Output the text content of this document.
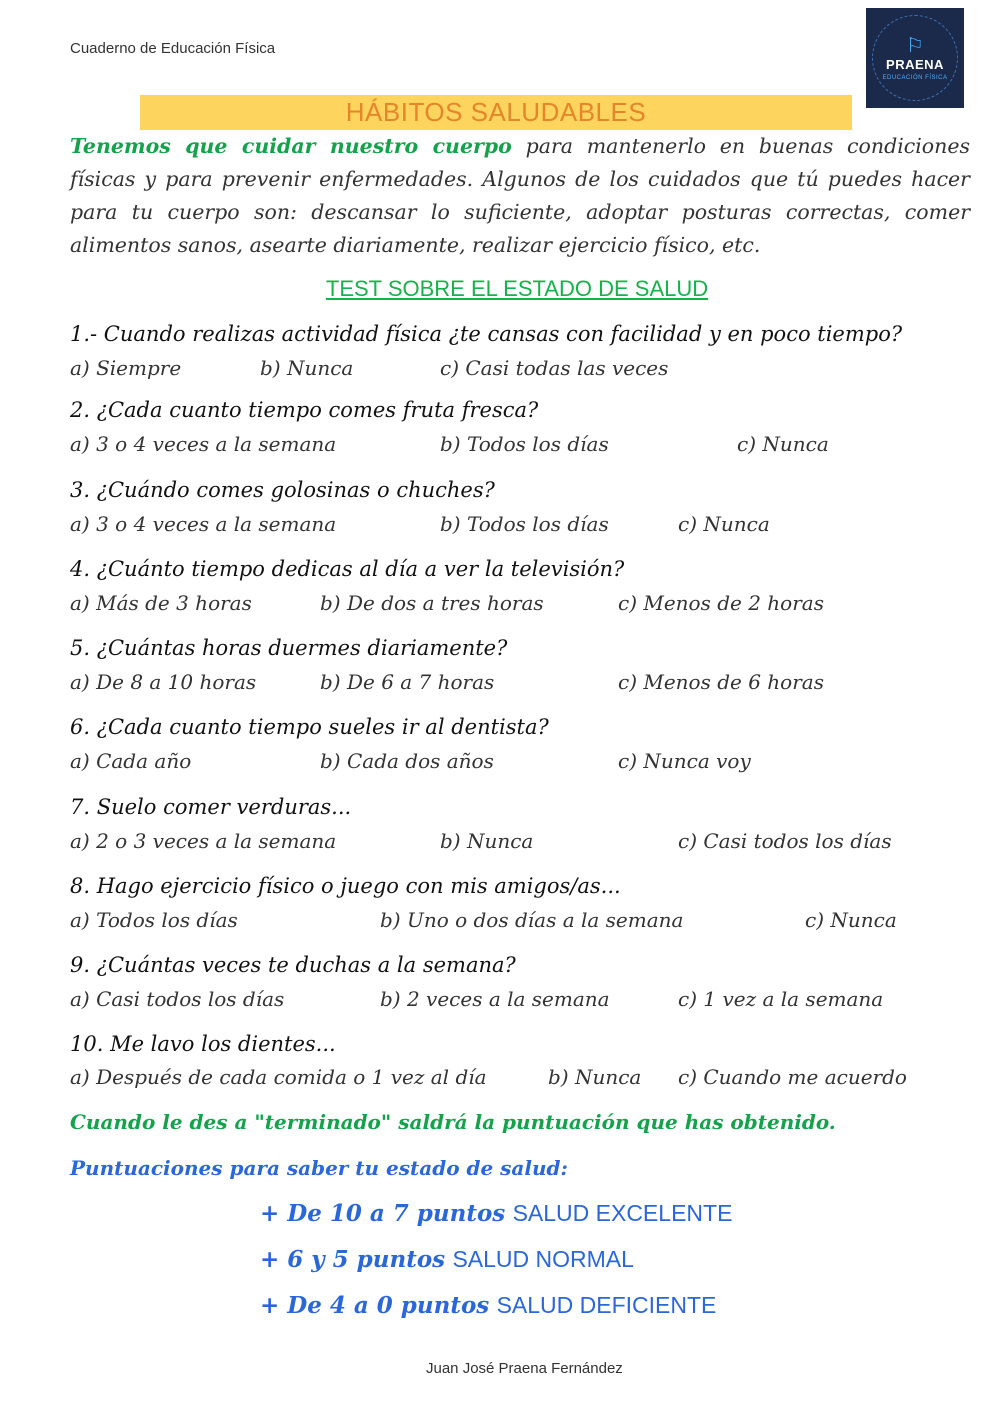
Cuaderno de Educación Física	⚐
PRAENA
EDUCACIÓN FÍSICA
HÁBITOS SALUDABLES
Tenemos que cuidar nuestro cuerpo para mantenerlo en buenas condiciones físicas y para prevenir enfermedades. Algunos de los cuidados que tú puedes hacer para tu cuerpo son: descansar lo suficiente, adoptar posturas correctas, comer alimentos sanos, asearte diariamente, realizar ejercicio físico, etc.
TEST SOBRE EL ESTADO DE SALUD
1.- Cuando realizas actividad física ¿te cansas con facilidad y en poco tiempo?
a) Siempre	b) Nunca	c) Casi todas las veces
2. ¿Cada cuanto tiempo comes fruta fresca?
a) 3 o 4 veces a la semana	b) Todos los días	c) Nunca
3. ¿Cuándo comes golosinas o chuches?
a) 3 o 4 veces a la semana	b) Todos los días	c) Nunca
4. ¿Cuánto tiempo dedicas al día a ver la televisión?
a) Más de 3 horas	b) De dos a tres horas	c) Menos de 2 horas
5. ¿Cuántas horas duermes diariamente?
a) De 8 a 10 horas	b) De 6 a 7 horas	c) Menos de 6 horas
6. ¿Cada cuanto tiempo sueles ir al dentista?
a) Cada año	b) Cada dos años	c) Nunca voy
7. Suelo comer verduras...
a) 2 o 3 veces a la semana	b) Nunca	c) Casi todos los días
8. Hago ejercicio físico o juego con mis amigos/as...
a) Todos los días	b) Uno o dos días a la semana	c) Nunca
9. ¿Cuántas veces te duchas a la semana?
a) Casi todos los días	b) 2 veces a la semana	c) 1 vez a la semana
10. Me lavo los dientes...
a) Después de cada comida o 1 vez al día	b) Nunca c) Cuando me acuerdo
Cuando le des a "terminado" saldrá la puntuación que has obtenido.
Puntuaciones para saber tu estado de salud:
+ De 10 a 7 puntos SALUD EXCELENTE
+ 6 y 5 puntos SALUD NORMAL
+ De 4 a 0 puntos SALUD DEFICIENTE
Juan José Praena Fernández
